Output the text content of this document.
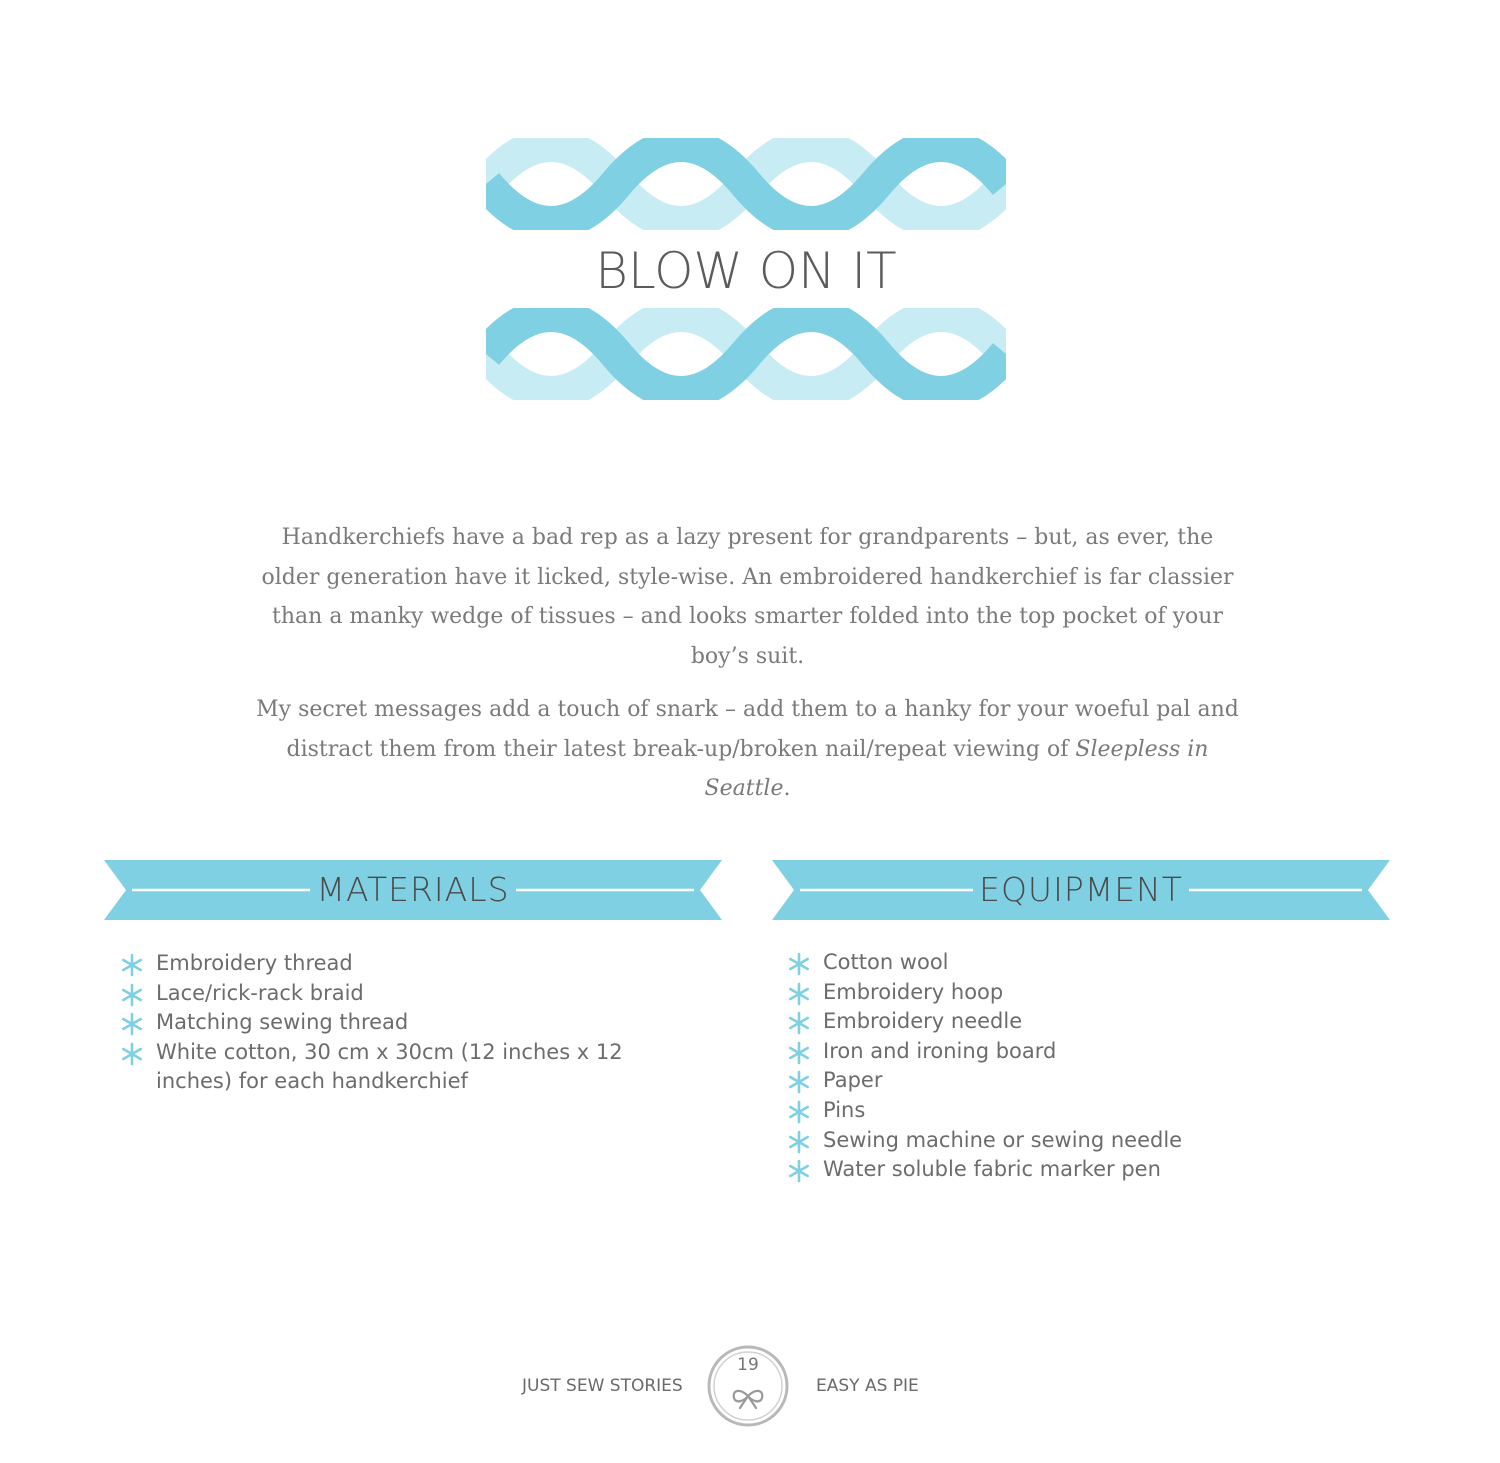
BLOW ON IT

Handkerchiefs have a bad rep as a lazy present for grandparents – but, as ever, the older generation have it licked, style-wise. An embroidered handkerchief is far classier than a manky wedge of tissues – and looks smarter folded into the top pocket of your boy’s suit.

My secret messages add a touch of snark – add them to a hanky for your woeful pal and distract them from their latest break-up/broken nail/repeat viewing of Sleepless in Seattle.

MATERIALS	EQUIPMENT
Embroidery thread
Lace/rick-rack braid
Matching sewing thread
White cotton, 30 cm x 30cm (12 inches x 12 inches) for each handkerchief
Cotton wool
Embroidery hoop
Embroidery needle
Iron and ironing board
Paper
Pins
Sewing machine or sewing needle
Water soluble fabric marker pen
JUST SEW STORIES
19
EASY AS PIE
